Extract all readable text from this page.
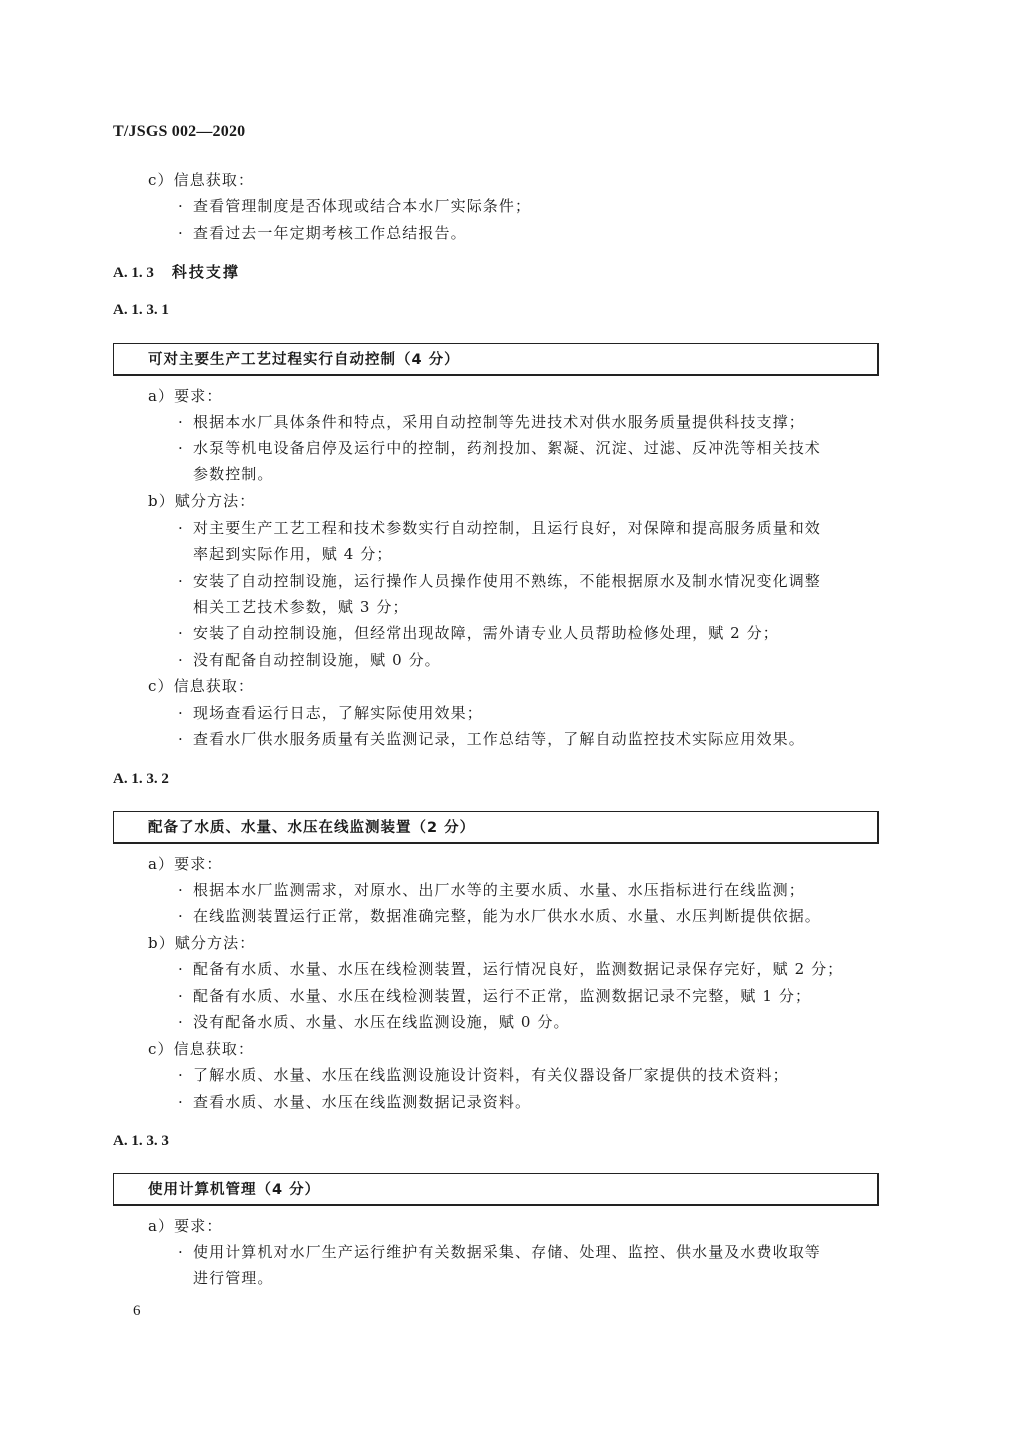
T/JSGS 002—2020
c）信息获取：
· 查看管理制度是否体现或结合本水厂实际条件；
· 查看过去一年定期考核工作总结报告。
A. 1. 3 科技支撑
A. 1. 3. 1
可对主要生产工艺过程实行自动控制（4 分）
a）要求：
· 根据本水厂具体条件和特点，采用自动控制等先进技术对供水服务质量提供科技支撑；
· 水泵等机电设备启停及运行中的控制，药剂投加、絮凝、沉淀、过滤、反冲洗等相关技术
参数控制。
b）赋分方法：
· 对主要生产工艺工程和技术参数实行自动控制，且运行良好，对保障和提高服务质量和效
率起到实际作用，赋 4 分；
· 安装了自动控制设施，运行操作人员操作使用不熟练，不能根据原水及制水情况变化调整
相关工艺技术参数，赋 3 分；
· 安装了自动控制设施，但经常出现故障，需外请专业人员帮助检修处理，赋 2 分；
· 没有配备自动控制设施，赋 0 分。
c）信息获取：
· 现场查看运行日志，了解实际使用效果；
· 查看水厂供水服务质量有关监测记录，工作总结等，了解自动监控技术实际应用效果。
A. 1. 3. 2
配备了水质、水量、水压在线监测装置（2 分）
a）要求：
· 根据本水厂监测需求，对原水、出厂水等的主要水质、水量、水压指标进行在线监测；
· 在线监测装置运行正常，数据准确完整，能为水厂供水水质、水量、水压判断提供依据。
b）赋分方法：
· 配备有水质、水量、水压在线检测装置，运行情况良好，监测数据记录保存完好，赋 2 分；
· 配备有水质、水量、水压在线检测装置，运行不正常，监测数据记录不完整，赋 1 分；
· 没有配备水质、水量、水压在线监测设施，赋 0 分。
c）信息获取：
· 了解水质、水量、水压在线监测设施设计资料，有关仪器设备厂家提供的技术资料；
· 查看水质、水量、水压在线监测数据记录资料。
A. 1. 3. 3
使用计算机管理（4 分）
a）要求：
· 使用计算机对水厂生产运行维护有关数据采集、存储、处理、监控、供水量及水费收取等
进行管理。
6
